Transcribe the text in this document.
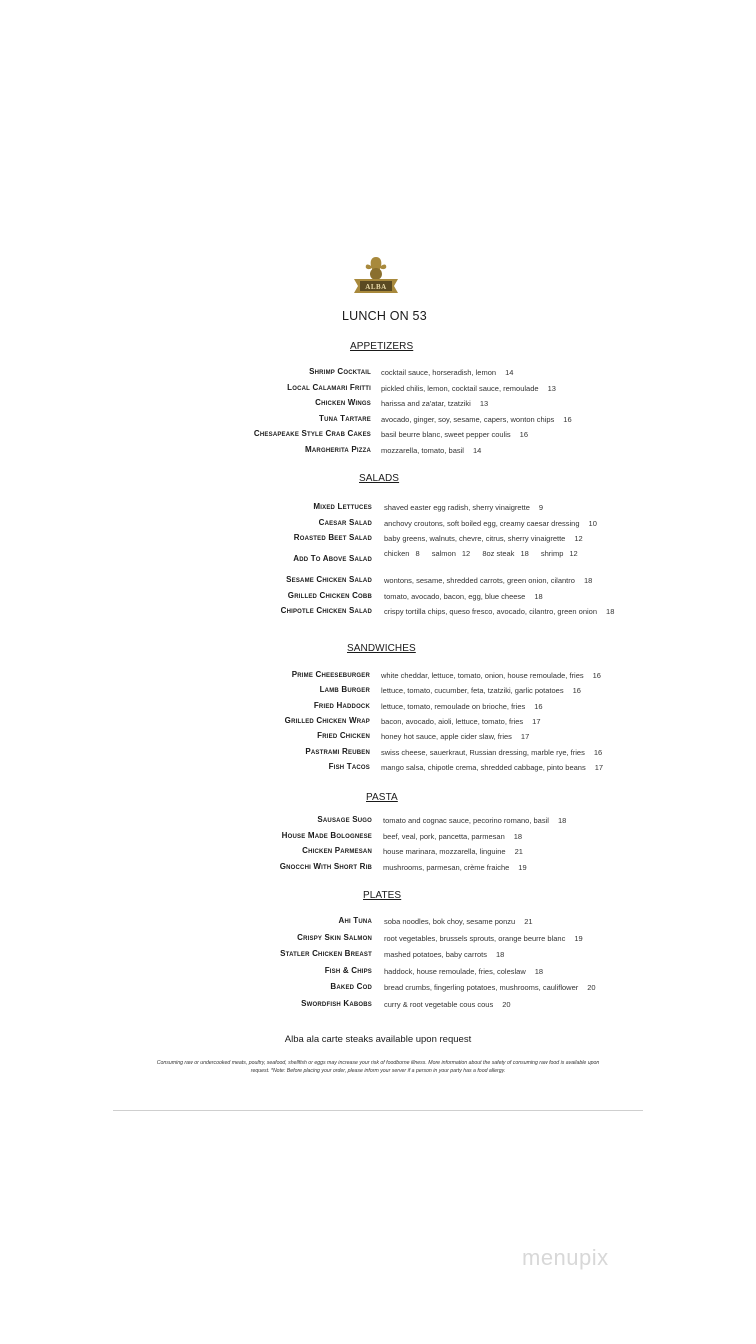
ALBA
LUNCH ON 53
APPETIZERS
SALADS
SANDWICHES
PASTA
PLATES
Shrimp Cocktail cocktail sauce, horseradish, lemon 14
Local Calamari Fritti pickled chilis, lemon, cocktail sauce, remoulade 13
Chicken Wings harissa and za'atar, tzatziki 13
Tuna Tartare avocado, ginger, soy, sesame, capers, wonton chips 16
Chesapeake Style Crab Cakes basil beurre blanc, sweet pepper coulis 16
Margherita Pizza mozzarella, tomato, basil 14
Mixed Lettuces shaved easter egg radish, sherry vinaigrette 9
Caesar Salad anchovy croutons, soft boiled egg, creamy caesar dressing 10
Roasted Beet Salad baby greens, walnuts, chevre, citrus, sherry vinaigrette 12
Sesame Chicken Salad wontons, sesame, shredded carrots, green onion, cilantro 18
Grilled Chicken Cobb tomato, avocado, bacon, egg, blue cheese 18
Chipotle Chicken Salad crispy tortilla chips, queso fresco, avocado, cilantro, green onion 18
Prime Cheeseburger white cheddar, lettuce, tomato, onion, house remoulade, fries 16
Lamb Burger lettuce, tomato, cucumber, feta, tzatziki, garlic potatoes 16
Fried Haddock lettuce, tomato, remoulade on brioche, fries 16
Grilled Chicken Wrap bacon, avocado, aioli, lettuce, tomato, fries 17
Fried Chicken honey hot sauce, apple cider slaw, fries 17
Pastrami Reuben swiss cheese, sauerkraut, Russian dressing, marble rye, fries 16
Fish Tacos mango salsa, chipotle crema, shredded cabbage, pinto beans 17
Sausage Sugo tomato and cognac sauce, pecorino romano, basil 18
House Made Bolognese beef, veal, pork, pancetta, parmesan 18
Chicken Parmesan house marinara, mozzarella, linguine 21
Gnocchi With Short Rib mushrooms, parmesan, crème fraiche 19
Ahi Tuna soba noodles, bok choy, sesame ponzu 21
Crispy Skin Salmon root vegetables, brussels sprouts, orange beurre blanc 19
Statler Chicken Breast mashed potatoes, baby carrots 18
Fish & Chips haddock, house remoulade, fries, coleslaw 18
Baked Cod bread crumbs, fingerling potatoes, mushrooms, cauliflower 20
Swordfish Kabobs curry & root vegetable cous cous 20
Add To Above Salad
chicken 8 salmon 12 8oz steak 18 shrimp 12
Alba ala carte steaks available upon request
Consuming raw or undercooked meats, poultry, seafood, shellfish or eggs may increase your risk of foodborne illness. More information about the safety of consuming raw food is available upon request. *Note: Before placing your order, please inform your server if a person in your party has a food allergy.
menupix
